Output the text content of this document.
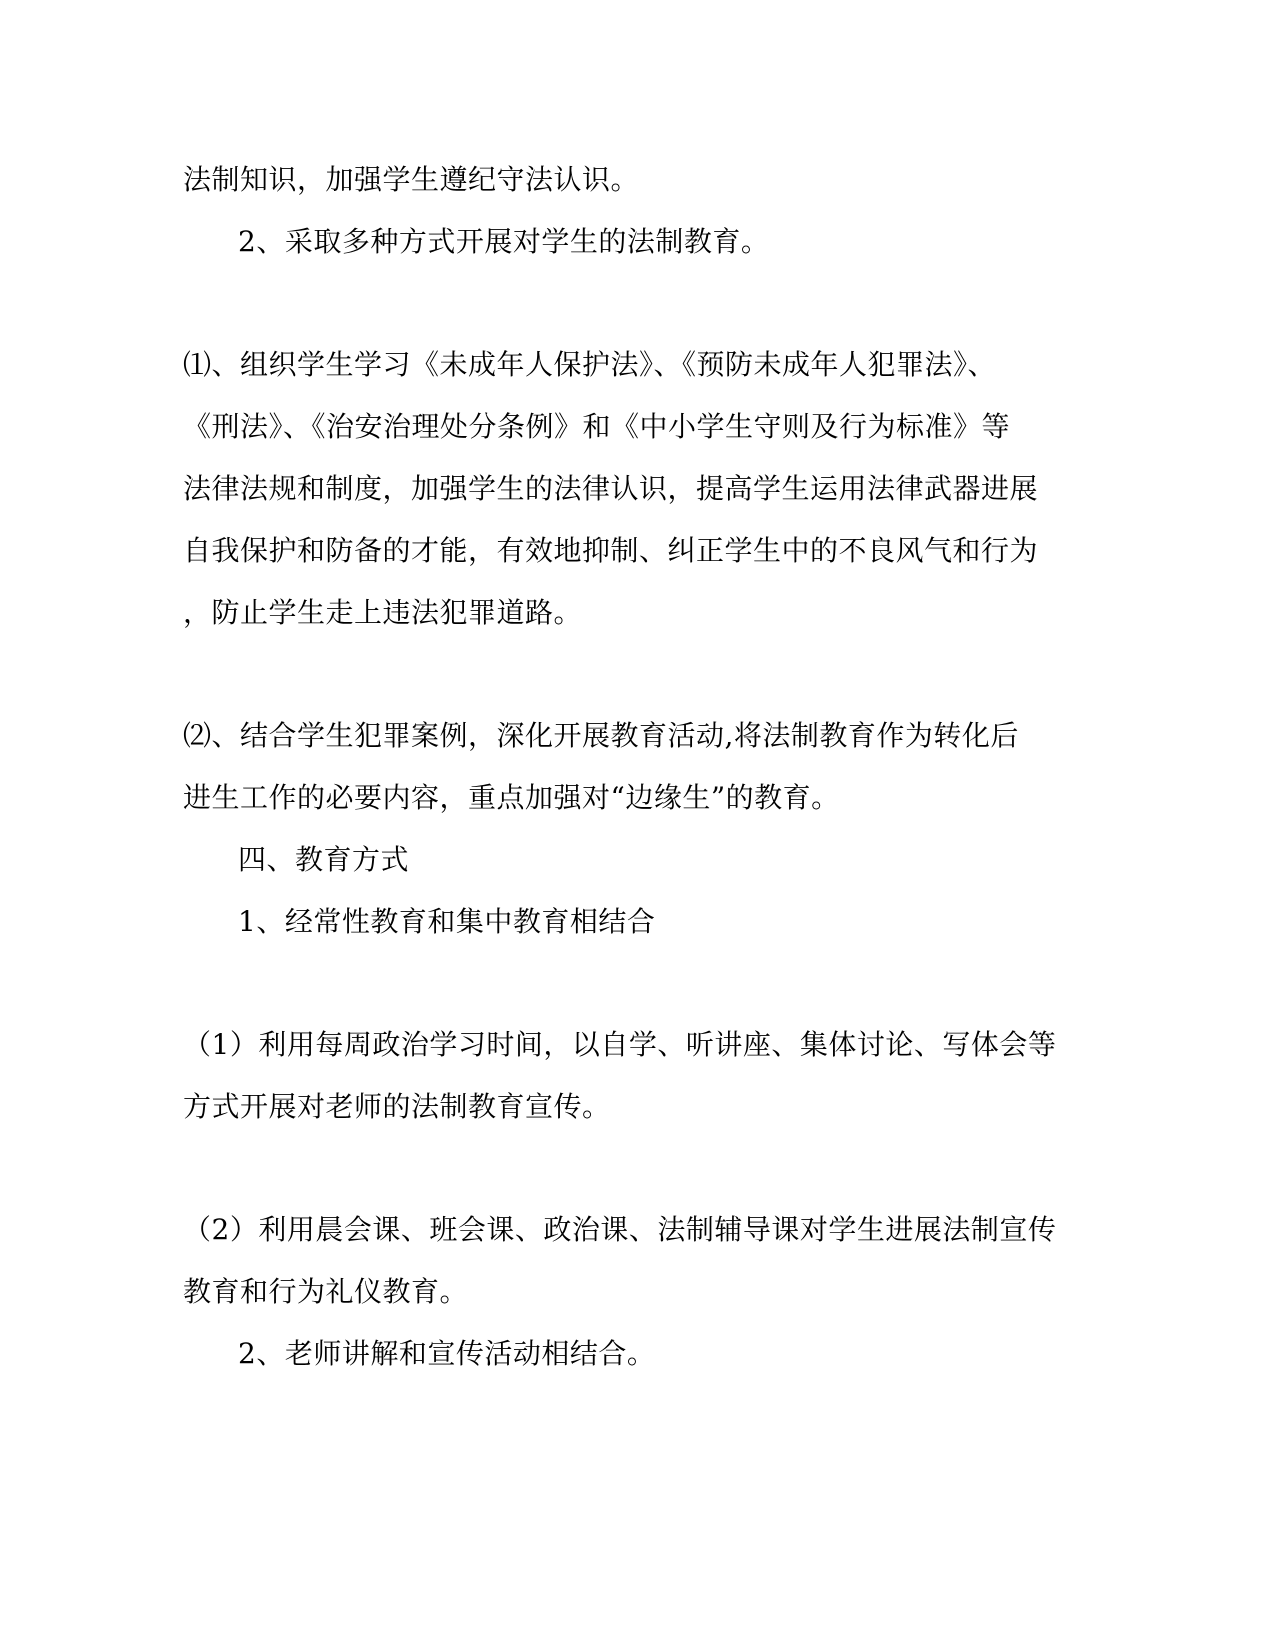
法制知识，加强学生遵纪守法认识。

2、采取多种方式开展对学生的法制教育。

⑴、组织学生学习《未成年人保护法》、《预防未成年人犯罪法》、

《刑法》、《治安治理处分条例》和《中小学生守则及行为标准》等

法律法规和制度，加强学生的法律认识，提高学生运用法律武器进展

自我保护和防备的才能，有效地抑制、纠正学生中的不良风气和行为

，防止学生走上违法犯罪道路。

⑵、结合学生犯罪案例，深化开展教育活动,将法制教育作为转化后

进生工作的必要内容，重点加强对“边缘生”的教育。

四、教育方式

1、经常性教育和集中教育相结合

（1）利用每周政治学习时间，以自学、听讲座、集体讨论、写体会等

方式开展对老师的法制教育宣传。

（2）利用晨会课、班会课、政治课、法制辅导课对学生进展法制宣传

教育和行为礼仪教育。

2、老师讲解和宣传活动相结合。
